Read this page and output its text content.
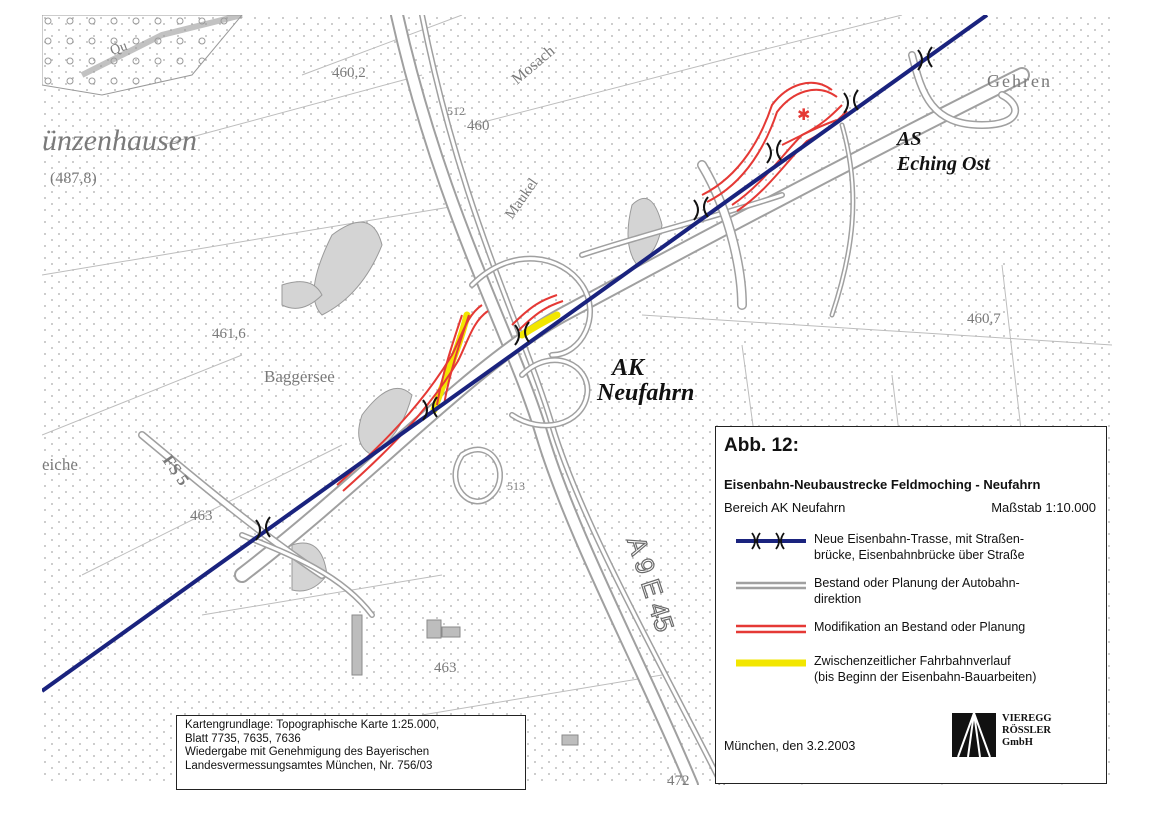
✱
ünzenhausen
(487,8)
Gehren
Baggersee
eiche
Mosach
Maukel
Qu
512
513
460,2
460
461,6
460,7
463
463
472
FS 5
A 9 E 45
AS
Eching Ost
AK
Neufahrn
Abb. 12:
Eisenbahn-Neubaustrecke Feldmoching - Neufahrn
Bereich AK Neufahrn	Maßstab 1:10.000
Neue Eisenbahn-Trasse, mit Straßen-
brücke, Eisenbahnbrücke über Straße
Bestand oder Planung der Autobahn-
direktion
Modifikation an Bestand oder Planung
Zwischenzeitlicher Fahrbahnverlauf
(bis Beginn der Eisenbahn-Bauarbeiten)
München, den 3.2.2003
VIEREGG
RÖSSLER
GmbH
Kartengrundlage: Topographische Karte 1:25.000,
Blatt 7735, 7635, 7636
Wiedergabe mit Genehmigung des Bayerischen
Landesvermessungsamtes München, Nr. 756/03
